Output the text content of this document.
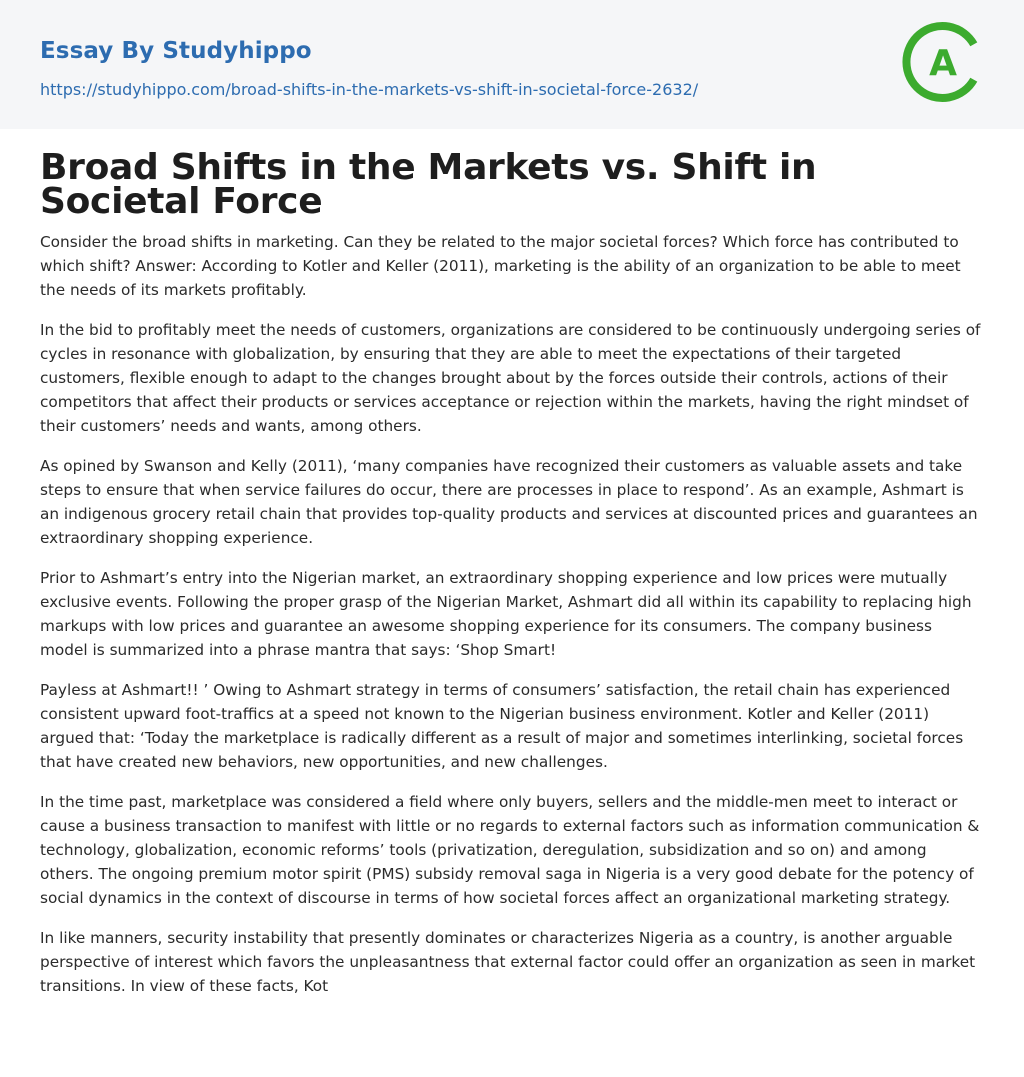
Essay By Studyhippo
https://studyhippo.com/broad-shifts-in-the-markets-vs-shift-in-societal-force-2632/
A
Broad Shifts in the Markets vs. Shift in Societal Force

Consider the broad shifts in marketing. Can they be related to the major societal forces? Which force has contributed to which shift? Answer: According to Kotler and Keller (2011), marketing is the ability of an organization to be able to meet the needs of its markets profitably.

In the bid to profitably meet the needs of customers, organizations are considered to be continuously undergoing series of cycles in resonance with globalization, by ensuring that they are able to meet the expectations of their targeted customers, flexible enough to adapt to the changes brought about by the forces outside their controls, actions of their competitors that affect their products or services acceptance or rejection within the markets, having the right mindset of their customers’ needs and wants, among others.

As opined by Swanson and Kelly (2011), ‘many companies have recognized their customers as valuable assets and take steps to ensure that when service failures do occur, there are processes in place to respond’. As an example, Ashmart is an indigenous grocery retail chain that provides top-quality products and services at discounted prices and guarantees an extraordinary shopping experience.

Prior to Ashmart’s entry into the Nigerian market, an extraordinary shopping experience and low prices were mutually exclusive events. Following the proper grasp of the Nigerian Market, Ashmart did all within its capability to replacing high markups with low prices and guarantee an awesome shopping experience for its consumers. The company business model is summarized into a phrase mantra that says: ‘Shop Smart!

Payless at Ashmart!! ’ Owing to Ashmart strategy in terms of consumers’ satisfaction, the retail chain has experienced consistent upward foot-traffics at a speed not known to the Nigerian business environment. Kotler and Keller (2011) argued that: ‘Today the marketplace is radically different as a result of major and sometimes interlinking, societal forces that have created new behaviors, new opportunities, and new challenges.

In the time past, marketplace was considered a field where only buyers, sellers and the middle-men meet to interact or cause a business transaction to manifest with little or no regards to external factors such as information communication & technology, globalization, economic reforms’ tools (privatization, deregulation, subsidization and so on) and among others. The ongoing premium motor spirit (PMS) subsidy removal saga in Nigeria is a very good debate for the potency of social dynamics in the context of discourse in terms of how societal forces affect an organizational marketing strategy.

In like manners, security instability that presently dominates or characterizes Nigeria as a country, is another arguable perspective of interest which favors the unpleasantness that external factor could offer an organization as seen in market transitions. In view of these facts, Kot
